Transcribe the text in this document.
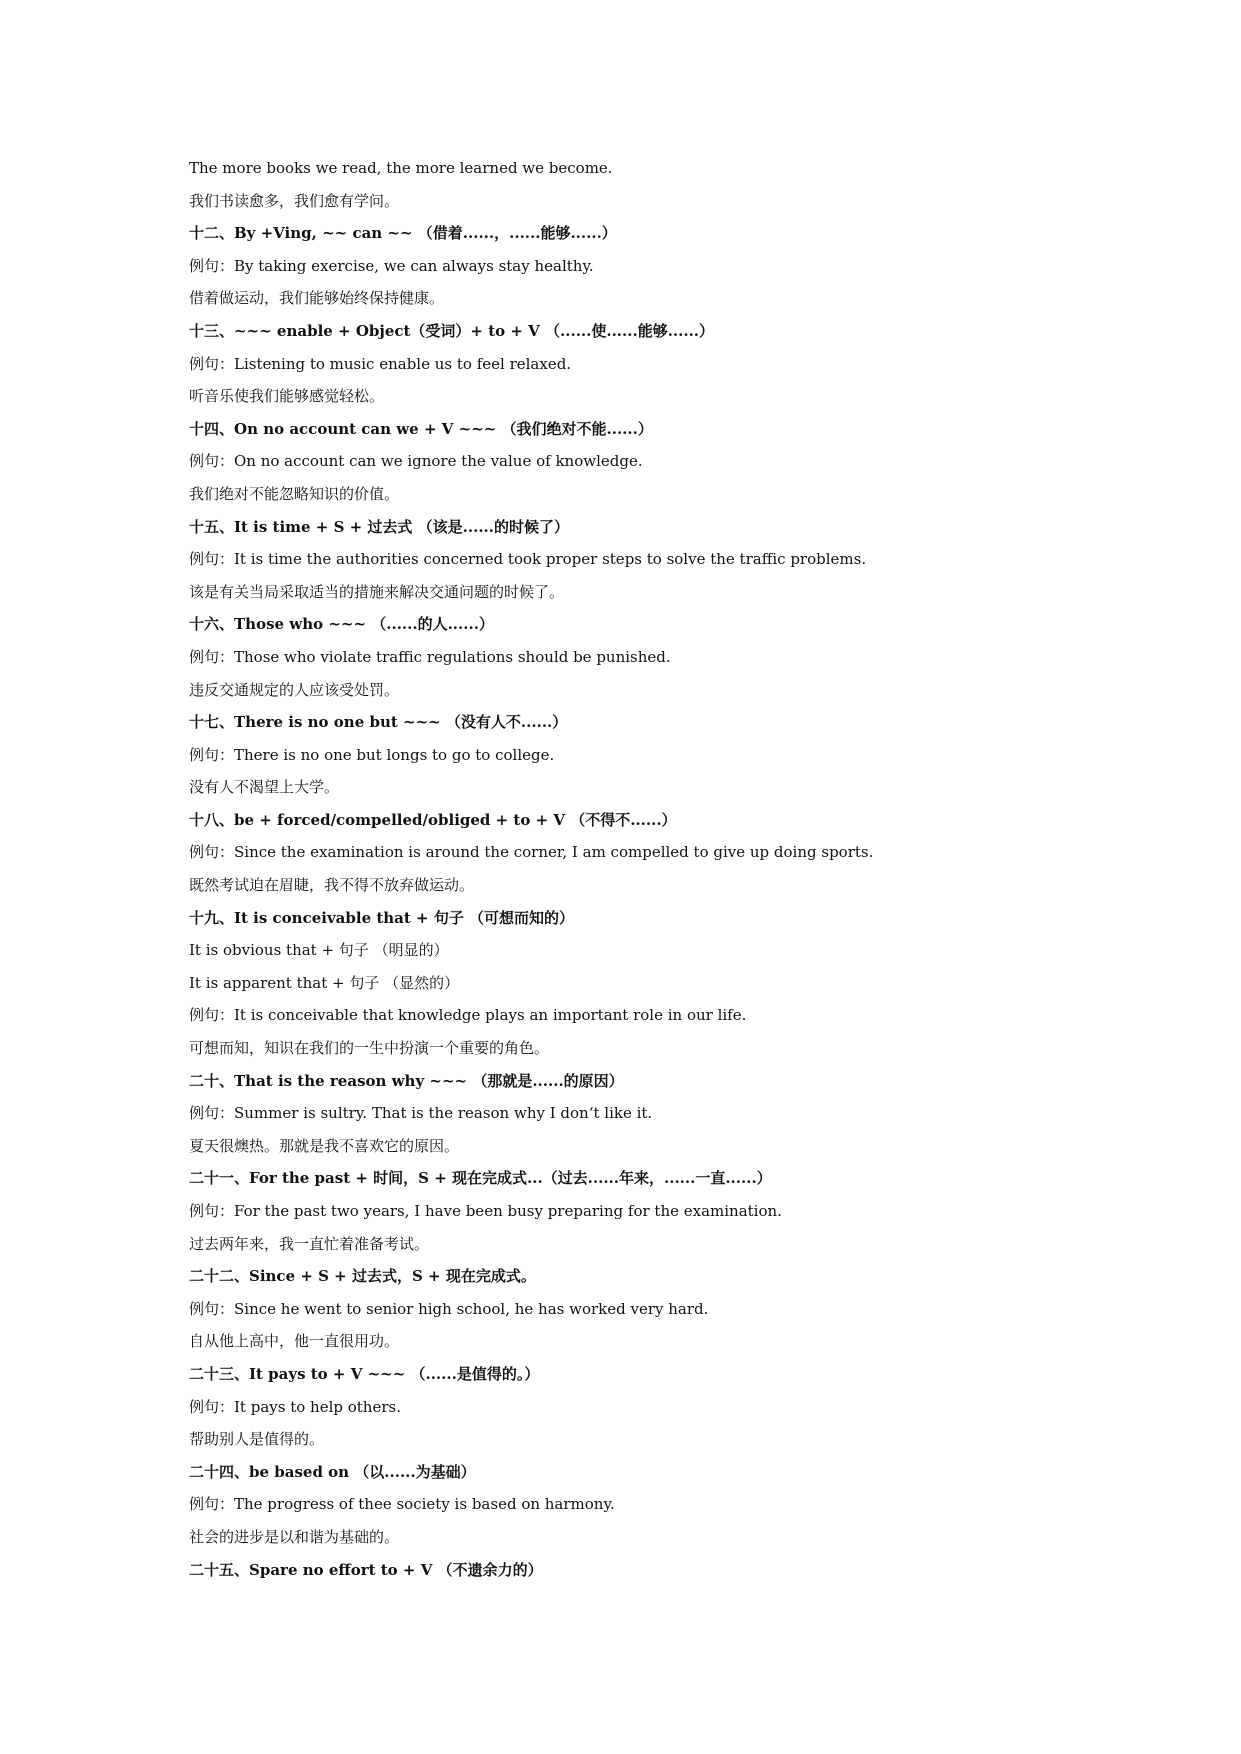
The more books we read, the more learned we become.
我们书读愈多，我们愈有学问。
十二、By +Ving, ~~ can ~~ （借着......，......能够......）
例句：By taking exercise, we can always stay healthy.
借着做运动，我们能够始终保持健康。
十三、~~~ enable + Object（受词）+ to + V （......使......能够......）
例句：Listening to music enable us to feel relaxed.
听音乐使我们能够感觉轻松。
十四、On no account can we + V ~~~ （我们绝对不能......）
例句：On no account can we ignore the value of knowledge.
我们绝对不能忽略知识的价值。
十五、It is time + S + 过去式 （该是......的时候了）
例句：It is time the authorities concerned took proper steps to solve the traffic problems.
该是有关当局采取适当的措施来解决交通问题的时候了。
十六、Those who ~~~ （......的人......）
例句：Those who violate traffic regulations should be punished.
违反交通规定的人应该受处罚。
十七、There is no one but ~~~ （没有人不......）
例句：There is no one but longs to go to college.
没有人不渴望上大学。
十八、be + forced/compelled/obliged + to + V （不得不......）
例句：Since the examination is around the corner, I am compelled to give up doing sports.
既然考试迫在眉睫，我不得不放弃做运动。
十九、It is conceivable that + 句子 （可想而知的）
It is obvious that + 句子 （明显的）
It is apparent that + 句子 （显然的）
例句：It is conceivable that knowledge plays an important role in our life.
可想而知，知识在我们的一生中扮演一个重要的角色。
二十、That is the reason why ~~~ （那就是......的原因）
例句：Summer is sultry. That is the reason why I don‘t like it.
夏天很燠热。那就是我不喜欢它的原因。
二十一、For the past + 时间，S + 现在完成式...（过去......年来，......一直......）
例句：For the past two years, I have been busy preparing for the examination.
过去两年来，我一直忙着准备考试。
二十二、Since + S + 过去式，S + 现在完成式。
例句：Since he went to senior high school, he has worked very hard.
自从他上高中，他一直很用功。
二十三、It pays to + V ~~~ （......是值得的。）
例句：It pays to help others.
帮助别人是值得的。
二十四、be based on （以......为基础）
例句：The progress of thee society is based on harmony.
社会的进步是以和谐为基础的。
二十五、Spare no effort to + V （不遗余力的）
